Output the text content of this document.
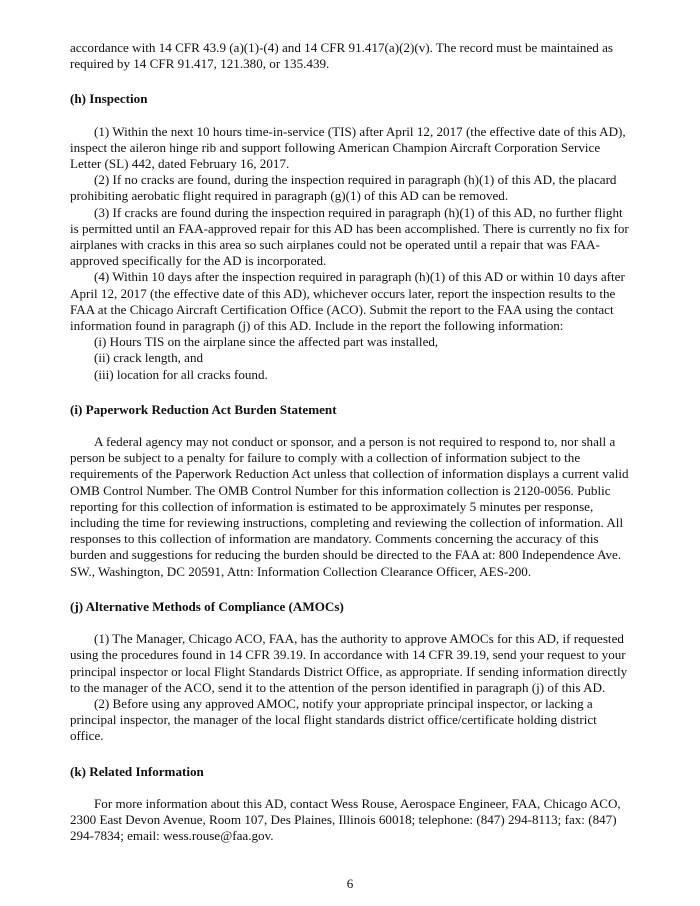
accordance with 14 CFR 43.9 (a)(1)-(4) and 14 CFR 91.417(a)(2)(v). The record must be maintained as required by 14 CFR 91.417, 121.380, or 135.439.

(h) Inspection

(1) Within the next 10 hours time-in-service (TIS) after April 12, 2017 (the effective date of this AD), inspect the aileron hinge rib and support following American Champion Aircraft Corporation Service Letter (SL) 442, dated February 16, 2017.

(2) If no cracks are found, during the inspection required in paragraph (h)(1) of this AD, the placard prohibiting aerobatic flight required in paragraph (g)(1) of this AD can be removed.

(3) If cracks are found during the inspection required in paragraph (h)(1) of this AD, no further flight is permitted until an FAA-approved repair for this AD has been accomplished. There is currently no fix for airplanes with cracks in this area so such airplanes could not be operated until a repair that was FAA-approved specifically for the AD is incorporated.

(4) Within 10 days after the inspection required in paragraph (h)(1) of this AD or within 10 days after April 12, 2017 (the effective date of this AD), whichever occurs later, report the inspection results to the FAA at the Chicago Aircraft Certification Office (ACO). Submit the report to the FAA using the contact information found in paragraph (j) of this AD. Include in the report the following information:

(i) Hours TIS on the airplane since the affected part was installed,

(ii) crack length, and

(iii) location for all cracks found.

(i) Paperwork Reduction Act Burden Statement

A federal agency may not conduct or sponsor, and a person is not required to respond to, nor shall a person be subject to a penalty for failure to comply with a collection of information subject to the requirements of the Paperwork Reduction Act unless that collection of information displays a current valid OMB Control Number. The OMB Control Number for this information collection is 2120-0056. Public reporting for this collection of information is estimated to be approximately 5 minutes per response, including the time for reviewing instructions, completing and reviewing the collection of information. All responses to this collection of information are mandatory. Comments concerning the accuracy of this burden and suggestions for reducing the burden should be directed to the FAA at: 800 Independence Ave. SW., Washington, DC 20591, Attn: Information Collection Clearance Officer, AES-200.

(j) Alternative Methods of Compliance (AMOCs)

(1) The Manager, Chicago ACO, FAA, has the authority to approve AMOCs for this AD, if requested using the procedures found in 14 CFR 39.19. In accordance with 14 CFR 39.19, send your request to your principal inspector or local Flight Standards District Office, as appropriate. If sending information directly to the manager of the ACO, send it to the attention of the person identified in paragraph (j) of this AD.

(2) Before using any approved AMOC, notify your appropriate principal inspector, or lacking a principal inspector, the manager of the local flight standards district office/certificate holding district office.

(k) Related Information

For more information about this AD, contact Wess Rouse, Aerospace Engineer, FAA, Chicago ACO, 2300 East Devon Avenue, Room 107, Des Plaines, Illinois 60018; telephone: (847) 294-8113; fax: (847) 294-7834; email: wess.rouse@faa.gov.

6
